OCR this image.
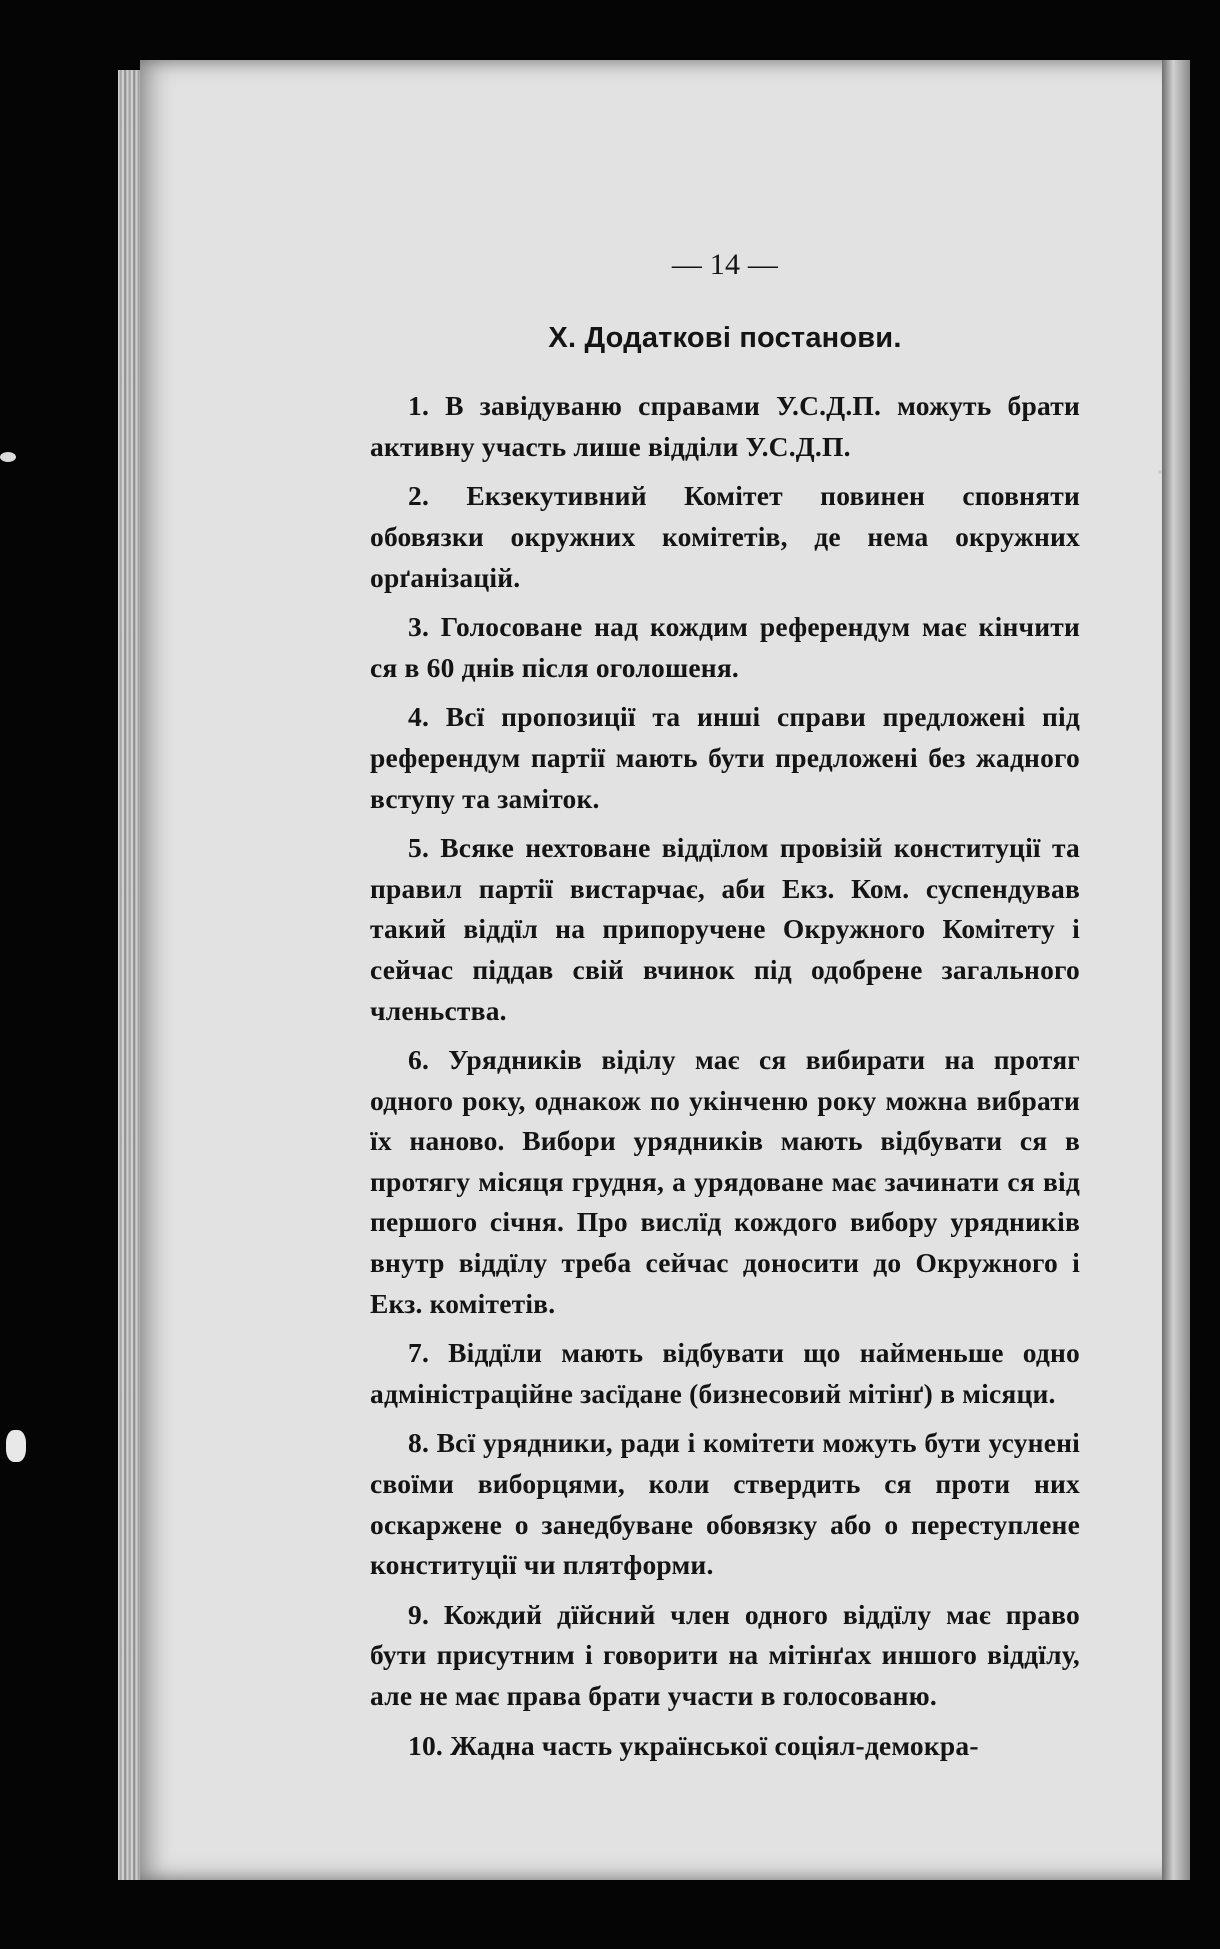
— 14 —
X. Додаткові постанови.

1. В завідуваню справами У.С.Д.П. можуть брати активну участь лише відділи У.С.Д.П.

2. Екзекутивний Комітет повинен сповняти обовязки окружних комітетів, де нема окружних орґанізацій.

3. Голосоване над кождим референдум має кінчити ся в 60 днів після оголошеня.

4. Всї пропозиції та инші справи предложені під референдум партії мають бути предложені без жадного вступу та заміток.

5. Всяке нехтоване віддїлом провізій конституції та правил партії вистарчає, аби Екз. Ком. суспендував такий віддїл на припоручене Окружного Комітету і сейчас піддав свій вчинок під одобрене загального членьства.

6. Урядників віділу має ся вибирати на протяг одного року, однакож по укінченю року можна вибрати їх наново. Вибори урядників мають відбувати ся в протягу місяця грудня, а урядоване має зачинати ся від першого січня. Про вислїд кождого вибору урядників внутр віддїлу треба сейчас доносити до Окружного і Екз. комітетів.

7. Віддїли мають відбувати що найменьше одно адміністраційне засїдане (бизнесовий мітінґ) в місяци.

8. Всї урядники, ради і комітети можуть бути усунені своїми виборцями, коли ствердить ся проти них оскаржене о занедбуване обовязку або о переступлене конституції чи плятформи.

9. Кождий дїйсний член одного віддїлу має право бути присутним і говорити на мітінґах иншого віддїлу, але не має права брати участи в голосованю.

10. Жадна часть української соціял-демокра-
